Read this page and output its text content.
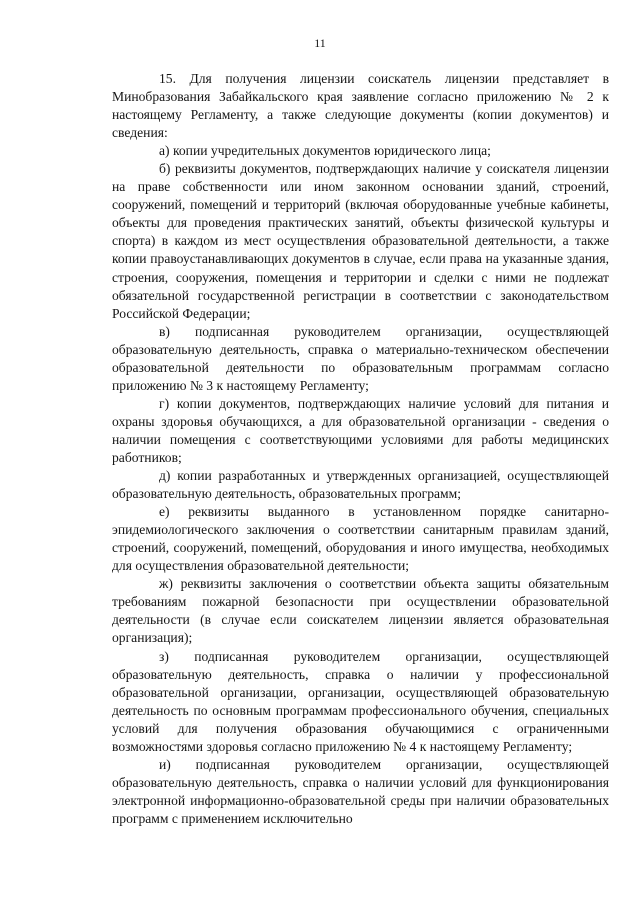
11

15. Для получения лицензии соискатель лицензии представляет в Минобразования Забайкальского края заявление согласно приложению № 2 к настоящему Регламенту, а также следующие документы (копии документов) и сведения:

а) копии учредительных документов юридического лица;

б) реквизиты документов, подтверждающих наличие у соискателя лицензии на праве собственности или ином законном основании зданий, строений, сооружений, помещений и территорий (включая оборудованные учебные кабинеты, объекты для проведения практических занятий, объекты физической культуры и спорта) в каждом из мест осуществления образовательной деятельности, а также копии правоустанавливающих документов в случае, если права на указанные здания, строения, сооружения, помещения и территории и сделки с ними не подлежат обязательной государственной регистрации в соответствии с законодательством Российской Федерации;

в) подписанная руководителем организации, осуществляющей образовательную деятельность, справка о материально-техническом обеспечении образовательной деятельности по образовательным программам согласно приложению № 3 к настоящему Регламенту;

г) копии документов, подтверждающих наличие условий для питания и охраны здоровья обучающихся, а для образовательной организации - сведения о наличии помещения с соответствующими условиями для работы медицинских работников;

д) копии разработанных и утвержденных организацией, осуществляющей образовательную деятельность, образовательных программ;

е) реквизиты выданного в установленном порядке санитарно-эпидемиологического заключения о соответствии санитарным правилам зданий, строений, сооружений, помещений, оборудования и иного имущества, необходимых для осуществления образовательной деятельности;

ж) реквизиты заключения о соответствии объекта защиты обязательным требованиям пожарной безопасности при осуществлении образовательной деятельности (в случае если соискателем лицензии является образовательная организация);

з) подписанная руководителем организации, осуществляющей образовательную деятельность, справка о наличии у профессиональной образовательной организации, организации, осуществляющей образовательную деятельность по основным программам профессионального обучения, специальных условий для получения образования обучающимися с ограниченными возможностями здоровья согласно приложению № 4 к настоящему Регламенту;

и) подписанная руководителем организации, осуществляющей образовательную деятельность, справка о наличии условий для функционирования электронной информационно-образовательной среды при наличии образовательных программ с применением исключительно
